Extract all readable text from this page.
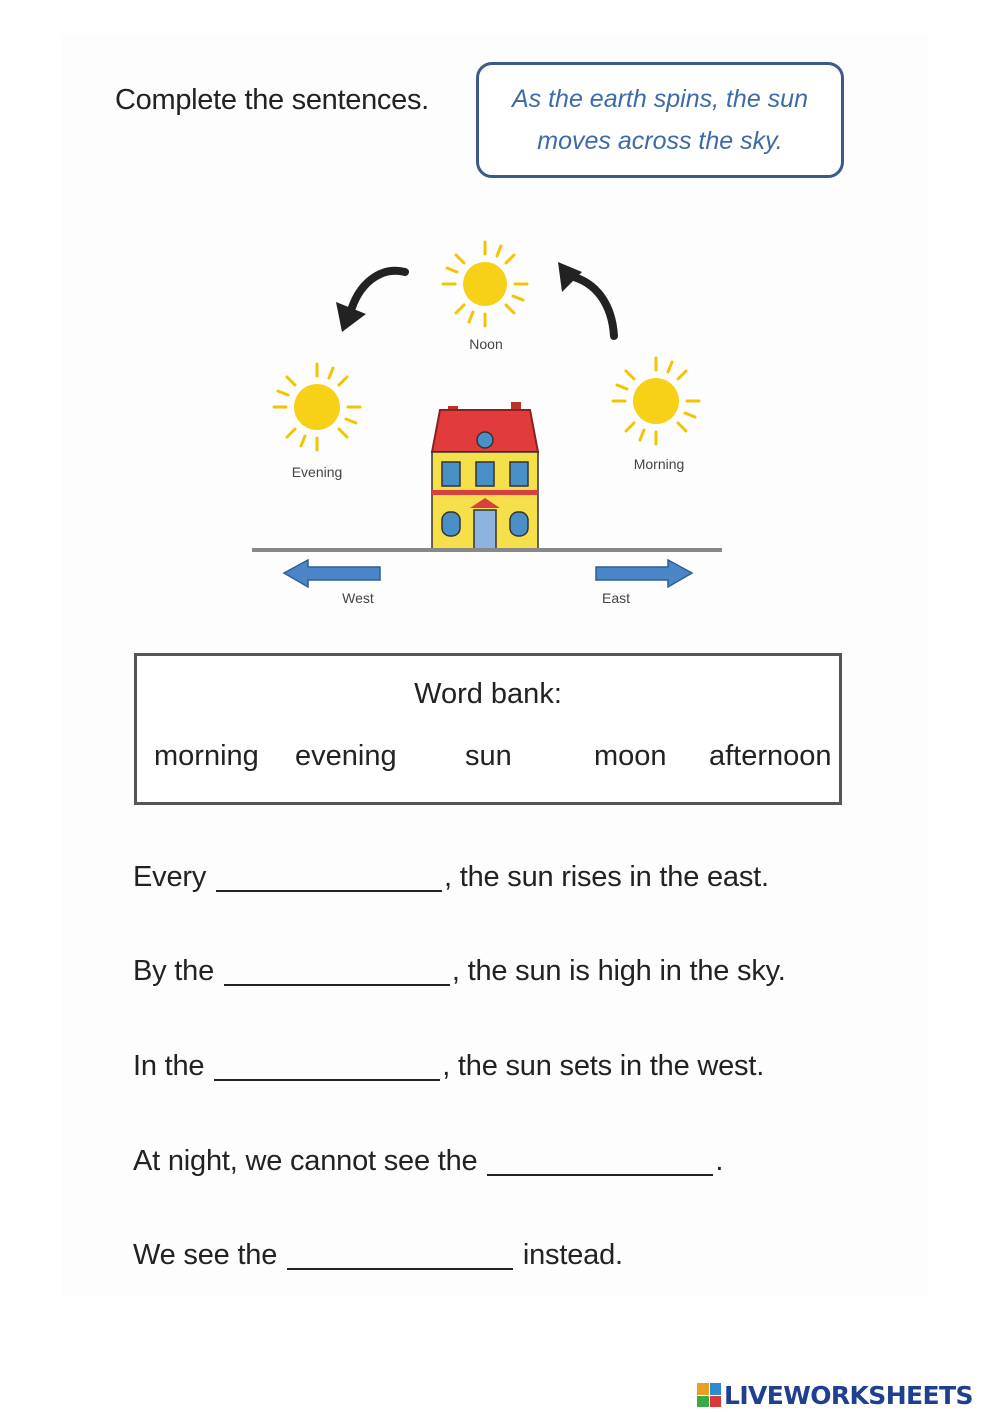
Complete the sentences.	As the earth spins, the sun
moves across the sky.
Noon
Evening	Morning
West	East
Word bank:
morning evening sun	moon afternoon
Every	, the sun rises in the east.
By the	, the sun is high in the sky.
In the	, the sun sets in the west.
At night, we cannot see the	.
We see the	instead.
LIVEWORKSHEETS
